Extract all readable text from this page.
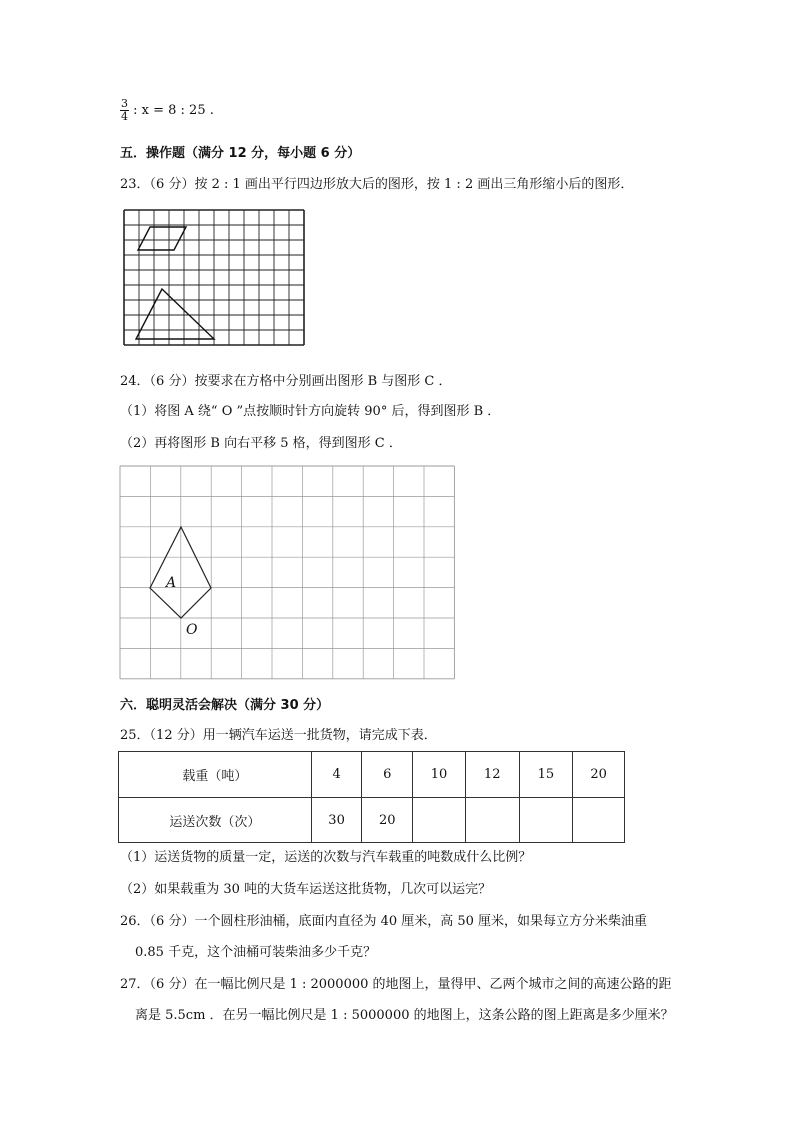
$\frac{3}{4}$ : x = 8 : 25 .
五．操作题（满分 12 分，每小题 6 分）
23．（6 分）按 2 : 1 画出平行四边形放大后的图形，按 1 : 2 画出三角形缩小后的图形．
24．（6 分）按要求在方格中分别画出图形 B 与图形 C ．
（1）将图 A 绕“ O ”点按顺时针方向旋转 90° 后，得到图形 B ．
（2）再将图形 B 向右平移 5 格，得到图形 C ．
A
O
六．聪明灵活会解决（满分 30 分）
25．（12 分）用一辆汽车运送一批货物，请完成下表．
载重（吨）	4	6	10	12	15	20
运送次数（次）	30	20				
（1）运送货物的质量一定，运送的次数与汽车载重的吨数成什么比例？
（2）如果载重为 30 吨的大货车运送这批货物，几次可以运完？
26．（6 分）一个圆柱形油桶，底面内直径为 40 厘米，高 50 厘米，如果每立方分米柴油重
0.85 千克，这个油桶可装柴油多少千克？
27．（6 分）在一幅比例尺是 1 : 2000000 的地图上，量得甲、乙两个城市之间的高速公路的距
离是 5.5cm ．在另一幅比例尺是 1 : 5000000 的地图上，这条公路的图上距离是多少厘米？
